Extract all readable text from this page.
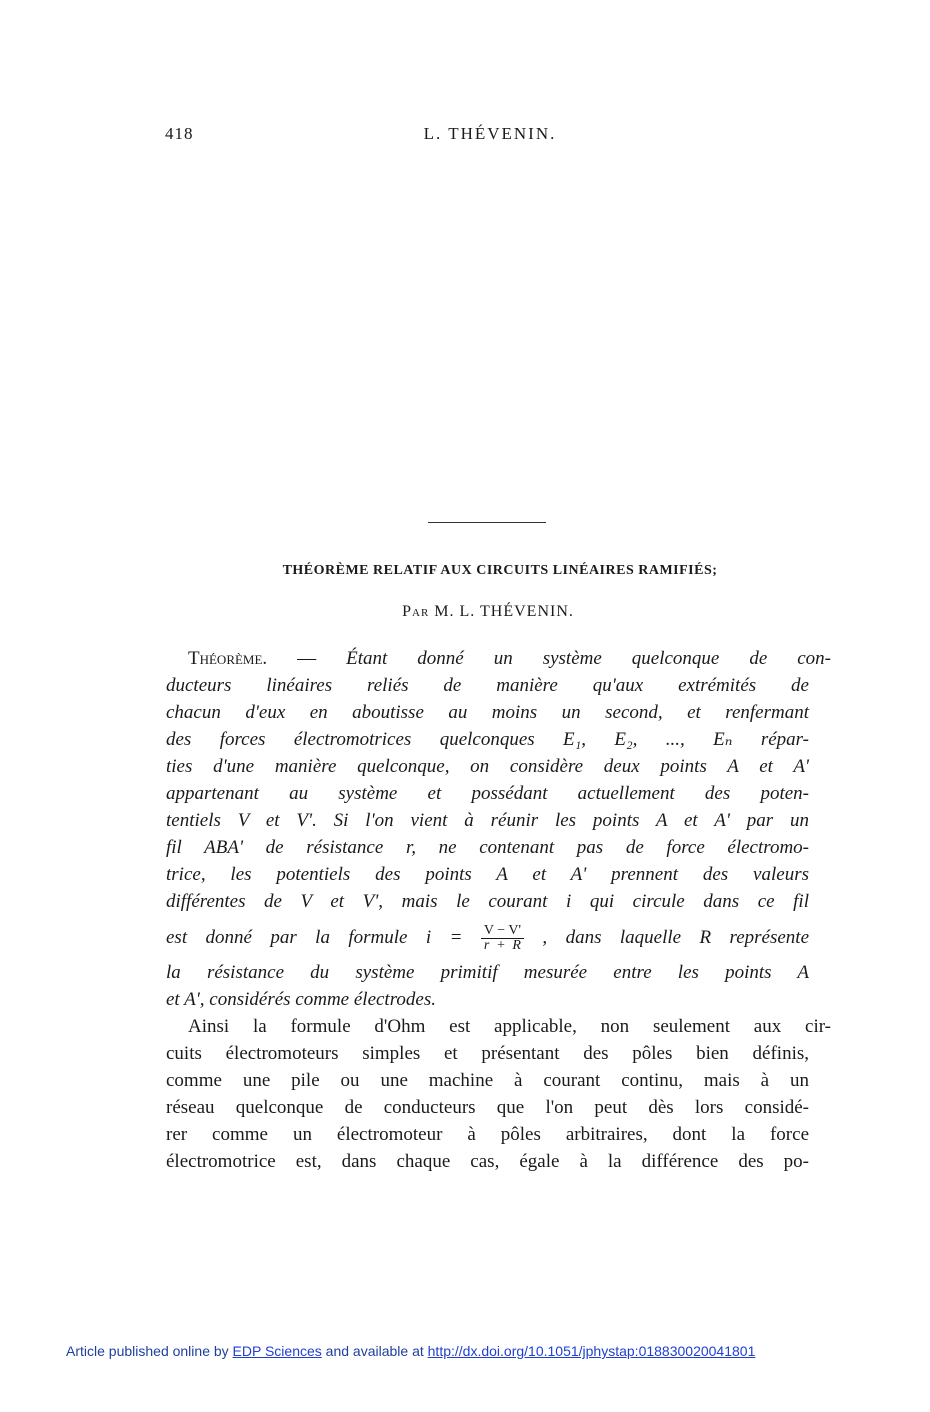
418	L. THÉVENIN.
THÉORÈME RELATIF AUX CIRCUITS LINÉAIRES RAMIFIÉS;
Par M. L. THÉVENIN.
Théorème. — Étant donné un système quelconque de con-
ducteurs linéaires reliés de manière qu'aux extrémités de
chacun d'eux en aboutisse au moins un second, et renfermant
des forces électromotrices quelconques E₁, E₂, ..., Eₙ répar-
ties d'une manière quelconque, on considère deux points A et A'
appartenant au système et possédant actuellement des poten-
tentiels V et V'. Si l'on vient à réunir les points A et A' par un
fil ABA' de résistance r, ne contenant pas de force électromo-
trice, les potentiels des points A et A' prennent des valeurs
différentes de V et V', mais le courant i qui circule dans ce fil
est donné par la formule $i = \frac{V - V'}{r + R}$ , dans laquelle R représente
la résistance du système primitif mesurée entre les points A
et A', considérés comme électrodes.
Ainsi la formule d'Ohm est applicable, non seulement aux cir-
cuits électromoteurs simples et présentant des pôles bien définis,
comme une pile ou une machine à courant continu, mais à un
réseau quelconque de conducteurs que l'on peut dès lors considé-
rer comme un électromoteur à pôles arbitraires, dont la force
électromotrice est, dans chaque cas, égale à la différence des po-
Article published online by EDP Sciences and available at http://dx.doi.org/10.1051/jphystap:018830020041801
